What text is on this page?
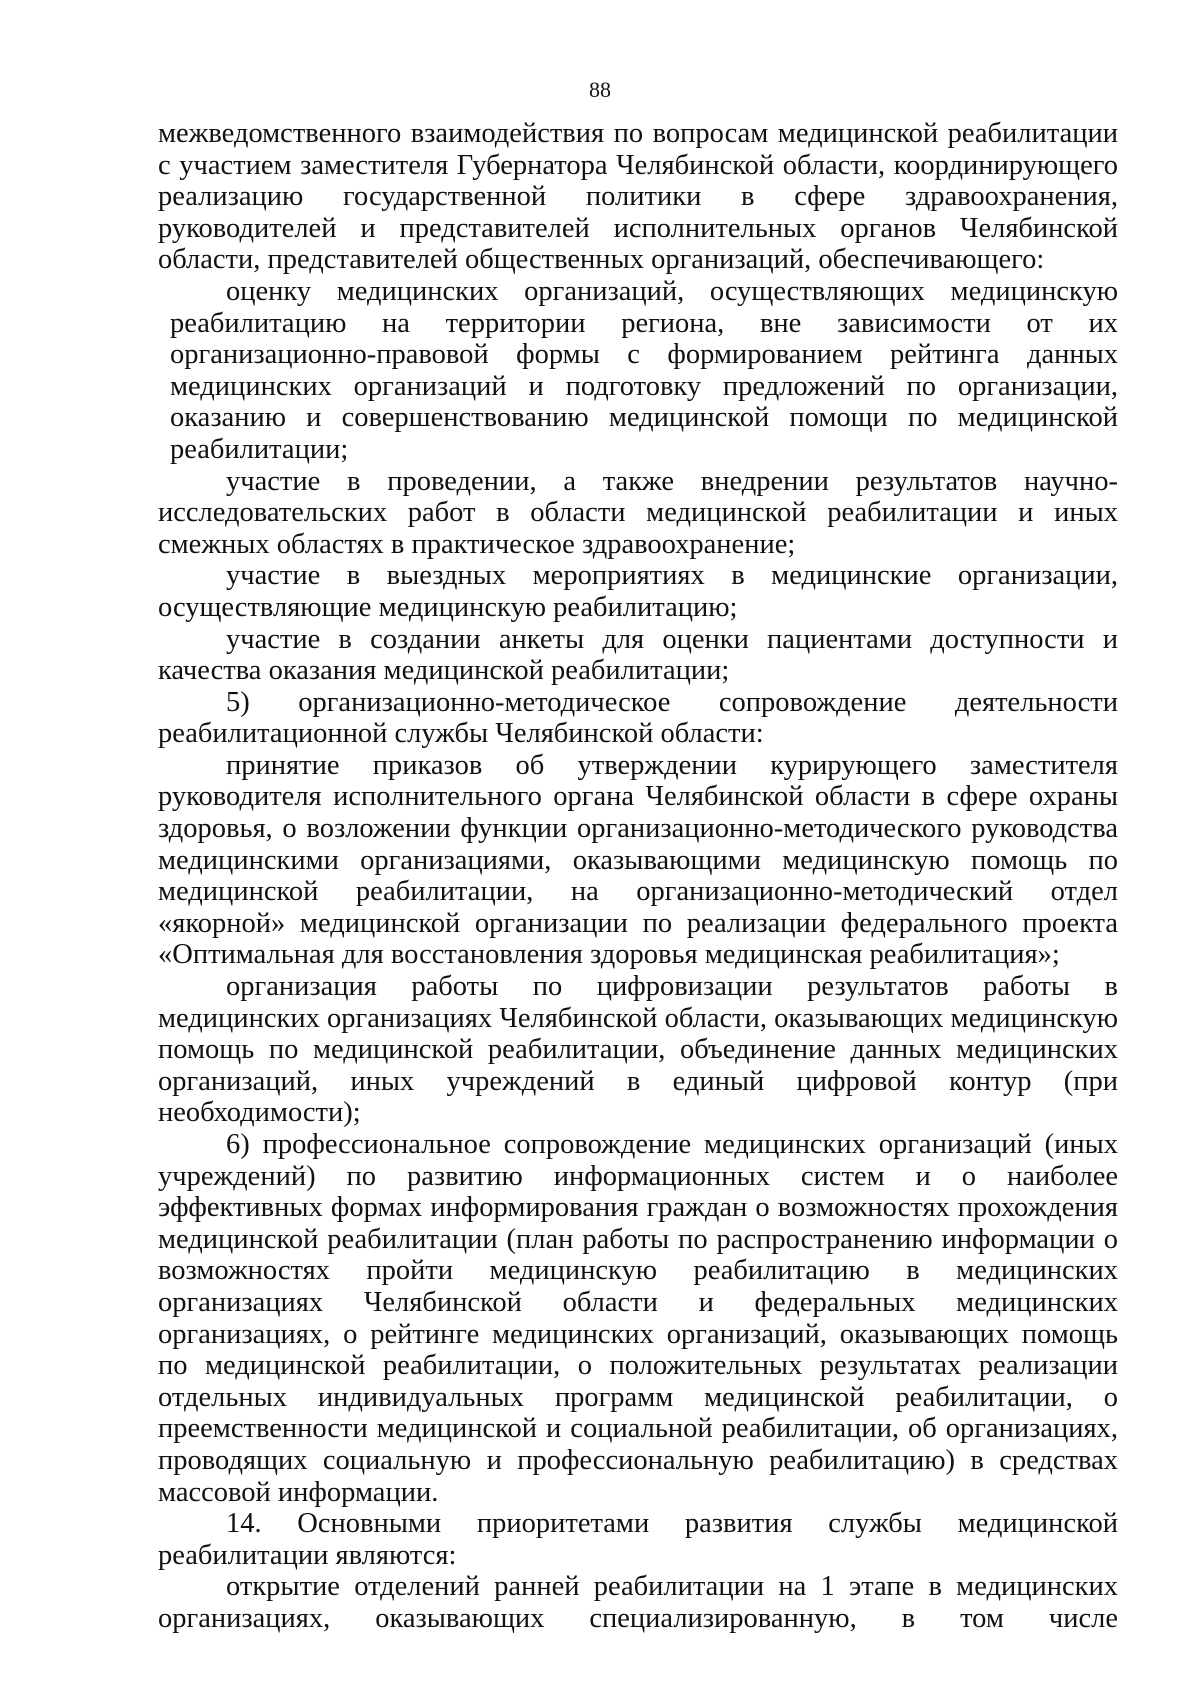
88

межведомственного взаимодействия по вопросам медицинской реабилитации с участием заместителя Губернатора Челябинской области, координирующего реализацию государственной политики в сфере здравоохранения, руководителей и представителей исполнительных органов Челябинской области, представителей общественных организаций, обеспечивающего:

оценку медицинских организаций, осуществляющих медицинскую реабилитацию на территории региона, вне зависимости от их организационно-правовой формы с формированием рейтинга данных медицинских организаций и подготовку предложений по организации, оказанию и совершенствованию медицинской помощи по медицинской реабилитации;

участие в проведении, а также внедрении результатов научно-исследовательских работ в области медицинской реабилитации и иных смежных областях в практическое здравоохранение;

участие в выездных мероприятиях в медицинские организации, осуществляющие медицинскую реабилитацию;

участие в создании анкеты для оценки пациентами доступности и качества оказания медицинской реабилитации;

5) организационно-методическое сопровождение деятельности реабилитационной службы Челябинской области:

принятие приказов об утверждении курирующего заместителя руководителя исполнительного органа Челябинской области в сфере охраны здоровья, о возложении функции организационно-методического руководства медицинскими организациями, оказывающими медицинскую помощь по медицинской реабилитации, на организационно-методический отдел «якорной» медицинской организации по реализации федерального проекта «Оптимальная для восстановления здоровья медицинская реабилитация»;

организация работы по цифровизации результатов работы в медицинских организациях Челябинской области, оказывающих медицинскую помощь по медицинской реабилитации, объединение данных медицинских организаций, иных учреждений в единый цифровой контур (при необходимости);

6) профессиональное сопровождение медицинских организаций (иных учреждений) по развитию информационных систем и о наиболее эффективных формах информирования граждан о возможностях прохождения медицинской реабилитации (план работы по распространению информации о возможностях пройти медицинскую реабилитацию в медицинских организациях Челябинской области и федеральных медицинских организациях, о рейтинге медицинских организаций, оказывающих помощь по медицинской реабилитации, о положительных результатах реализации отдельных индивидуальных программ медицинской реабилитации, о преемственности медицинской и социальной реабилитации, об организациях, проводящих социальную и профессиональную реабилитацию) в средствах массовой информации.

14. Основными приоритетами развития службы медицинской реабилитации являются:

открытие отделений ранней реабилитации на 1 этапе в медицинских организациях, оказывающих специализированную, в том числе
